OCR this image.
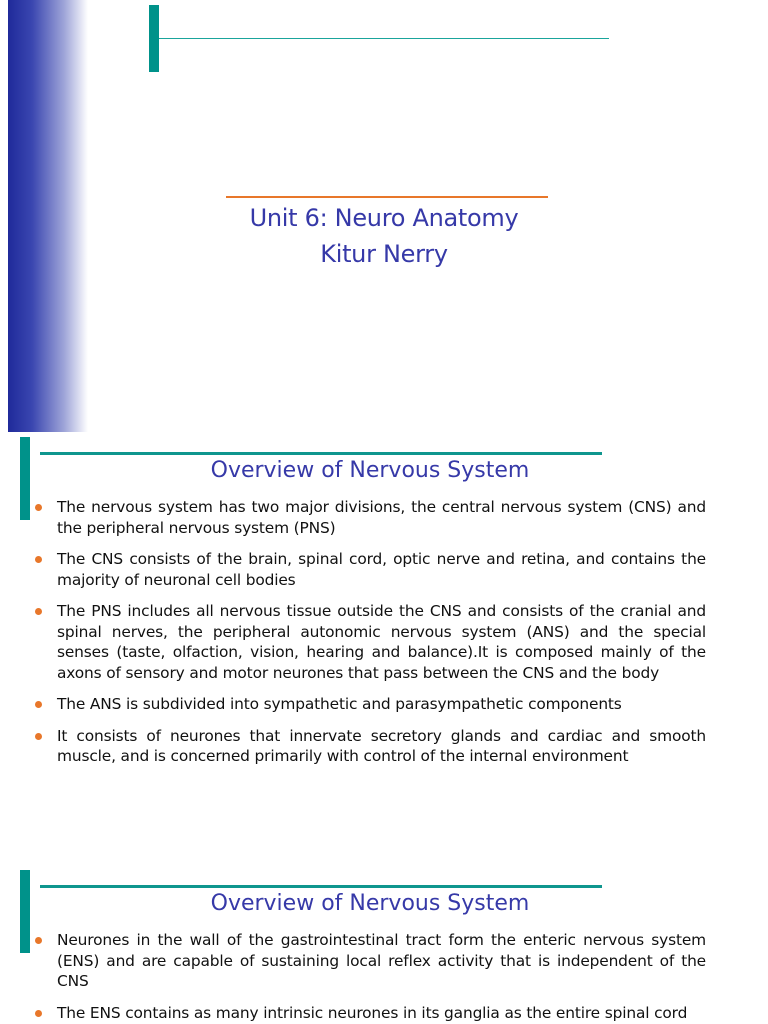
Unit 6: Neuro Anatomy
Kitur Nerry
Overview of Nervous System
The nervous system has two major divisions, the central nervous system (CNS) and the peripheral nervous system (PNS)
The CNS consists of the brain, spinal cord, optic nerve and retina, and contains the majority of neuronal cell bodies
The PNS includes all nervous tissue outside the CNS and consists of the cranial and spinal nerves, the peripheral autonomic nervous system (ANS) and the special senses (taste, olfaction, vision, hearing and balance).It is composed mainly of the axons of sensory and motor neurones that pass between the CNS and the body
The ANS is subdivided into sympathetic and parasympathetic components
It consists of neurones that innervate secretory glands and cardiac and smooth muscle, and is concerned primarily with control of the internal environment
Overview of Nervous System
Neurones in the wall of the gastrointestinal tract form the enteric nervous system (ENS) and are capable of sustaining local reflex activity that is independent of the CNS
The ENS contains as many intrinsic neurones in its ganglia as the entire spinal cord
